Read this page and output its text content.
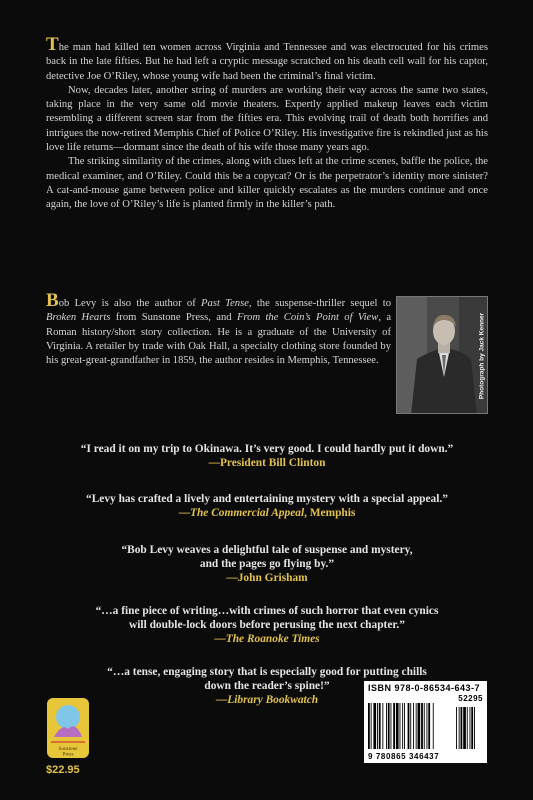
The man had killed ten women across Virginia and Tennessee and was electrocuted for his crimes back in the late fifties. But he had left a cryptic message scratched on his death cell wall for his captor, detective Joe O’Riley, whose young wife had been the criminal’s final victim.

Now, decades later, another string of murders are working their way across the same two states, taking place in the very same old movie theaters. Expertly applied makeup leaves each victim resembling a different screen star from the fifties era. This evolving trail of death both horrifies and intrigues the now-retired Memphis Chief of Police O’Riley. His investigative fire is rekindled just as his love life returns—dormant since the death of his wife those many years ago.

The striking similarity of the crimes, along with clues left at the crime scenes, baffle the police, the medical examiner, and O’Riley. Could this be a copycat? Or is the perpetrator’s identity more sinister? A cat-and-mouse game between police and killer quickly escalates as the murders continue and once again, the love of O’Riley’s life is planted firmly in the killer’s path.

Bob Levy is also the author of Past Tense, the suspense-thriller sequel to Broken Hearts from Sunstone Press, and From the Coin’s Point of View, a Roman history/short story collection. He is a graduate of the University of Virginia. A retailer by trade with Oak Hall, a specialty clothing store founded by his great-great-grandfather in 1859, the author resides in Memphis, Tennessee.	Photograph by Jack Kenner
“I read it on my trip to Okinawa. It’s very good. I could hardly put it down.”
—President Bill Clinton
“Levy has crafted a lively and entertaining mystery with a special appeal.”
—The Commercial Appeal, Memphis
“Bob Levy weaves a delightful tale of suspense and mystery,
and the pages go flying by.”
—John Grisham
“…a fine piece of writing…with crimes of such horror that even cynics
will double-lock doors before perusing the next chapter.”
—The Roanoke Times
“…a tense, engaging story that is especially good for putting chills
down the reader’s spine!”
—Library Bookwatch
Sunstone
Press
$22.95
ISBN 978-0-86534-643-7
52295
9 780865 346437
